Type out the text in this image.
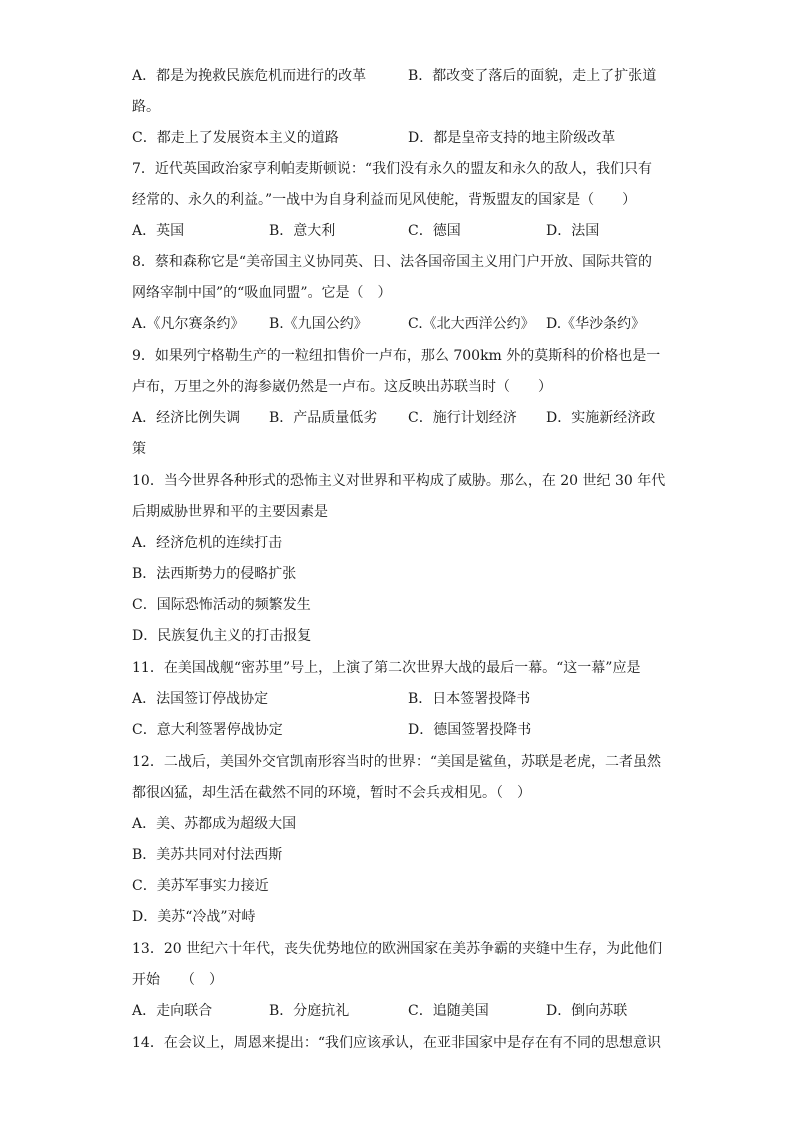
A．都是为挽救民族危机而进行的改革	B．都改变了落后的面貌，走上了扩张道
路。
C．都走上了发展资本主义的道路	D．都是皇帝支持的地主阶级改革
7．近代英国政治家亨利帕麦斯顿说：“我们没有永久的盟友和永久的敌人，我们只有
经常的、永久的利益。”一战中为自身利益而见风使舵，背叛盟友的国家是（　　）
A．英国	B．意大利	C．德国	D．法国
8．蔡和森称它是“美帝国主义协同英、日、法各国帝国主义用门户开放、国际共管的
网络宰制中国”的“吸血同盟”。它是（　）
A.《凡尔赛条约》 B.《九国公约》	C.《北大西洋公约》 D.《华沙条约》
9．如果列宁格勒生产的一粒纽扣售价一卢布，那么 700km 外的莫斯科的价格也是一
卢布，万里之外的海参崴仍然是一卢布。这反映出苏联当时（　　）
A．经济比例失调 B．产品质量低劣 C．施行计划经济 D．实施新经济政
策
10．当今世界各种形式的恐怖主义对世界和平构成了威胁。那么，在 20 世纪 30 年代
后期威胁世界和平的主要因素是
A．经济危机的连续打击
B．法西斯势力的侵略扩张
C．国际恐怖活动的频繁发生
D．民族复仇主义的打击报复
11．在美国战舰“密苏里”号上，上演了第二次世界大战的最后一幕。“这一幕”应是
A．法国签订停战协定	B．日本签署投降书
C．意大利签署停战协定	D．德国签署投降书
12．二战后，美国外交官凯南形容当时的世界：“美国是鲨鱼，苏联是老虎，二者虽然
都很凶猛，却生活在截然不同的环境，暂时不会兵戎相见。（　）
A．美、苏都成为超级大国
B．美苏共同对付法西斯
C．美苏军事实力接近
D．美苏“冷战”对峙
13．20 世纪六十年代，丧失优势地位的欧洲国家在美苏争霸的夹缝中生存，为此他们
开始　　（　）
A．走向联合	B．分庭抗礼	C．追随美国	D．倒向苏联
14．在会议上，周恩来提出：“我们应该承认，在亚非国家中是存在有不同的思想意识
